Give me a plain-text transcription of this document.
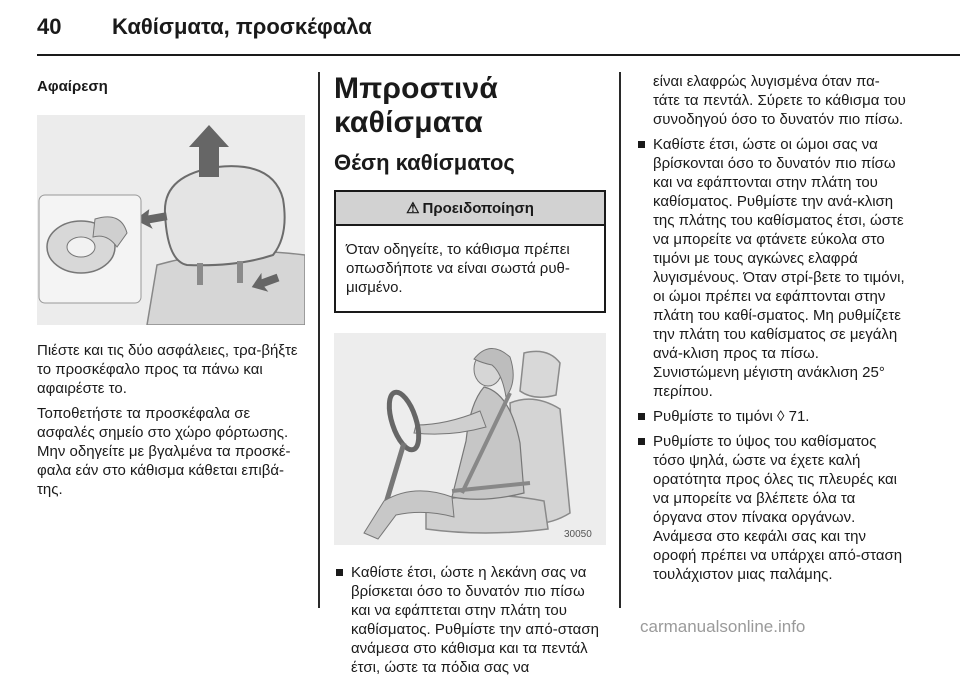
40 Καθίσματα, προσκέφαλα

Αφαίρεση

Πιέστε και τις δύο ασφάλειες, τρα-βήξτε το προσκέφαλο προς τα πάνω και αφαιρέστε το.

Τοποθετήστε τα προσκέφαλα σε ασφαλές σημείο στο χώρο φόρτωσης. Μην οδηγείτε με βγαλμένα τα προσκέ-φαλα εάν στο κάθισμα κάθεται επιβά-της.

Μπροστινά καθίσματα
Θέση καθίσματος
⚠ Προειδοποίηση
Όταν οδηγείτε, το κάθισμα πρέπει οπωσδήποτε να είναι σωστά ρυθ-μισμένο.
30050

Καθίστε έτσι, ώστε η λεκάνη σας να βρίσκεται όσο το δυνατόν πιο πίσω και να εφάπτεται στην πλάτη του καθίσματος. Ρυθμίστε την από-σταση ανάμεσα στο κάθισμα και τα πεντάλ έτσι, ώστε τα πόδια σας να

είναι ελαφρώς λυγισμένα όταν πα-τάτε τα πεντάλ. Σύρετε το κάθισμα του συνοδηγού όσο το δυνατόν πιο πίσω.

Καθίστε έτσι, ώστε οι ώμοι σας να βρίσκονται όσο το δυνατόν πιο πίσω και να εφάπτονται στην πλάτη του καθίσματος. Ρυθμίστε την ανά-κλιση της πλάτης του καθίσματος έτσι, ώστε να μπορείτε να φτάνετε εύκολα στο τιμόνι με τους αγκώνες ελαφρά λυγισμένους. Όταν στρί-βετε το τιμόνι, οι ώμοι πρέπει να εφάπτονται στην πλάτη του καθί-σματος. Μη ρυθμίζετε την πλάτη του καθίσματος σε μεγάλη ανά-κλιση προς τα πίσω. Συνιστώμενη μέγιστη ανάκλιση 25° περίπου.

Ρυθμίστε το τιμόνι ◊ 71.

Ρυθμίστε το ύψος του καθίσματος τόσο ψηλά, ώστε να έχετε καλή ορατότητα προς όλες τις πλευρές και να μπορείτε να βλέπετε όλα τα όργανα στον πίνακα οργάνων. Ανάμεσα στο κεφάλι σας και την οροφή πρέπει να υπάρχει από-σταση τουλάχιστον μιας παλάμης.

carmanualsonline.info
